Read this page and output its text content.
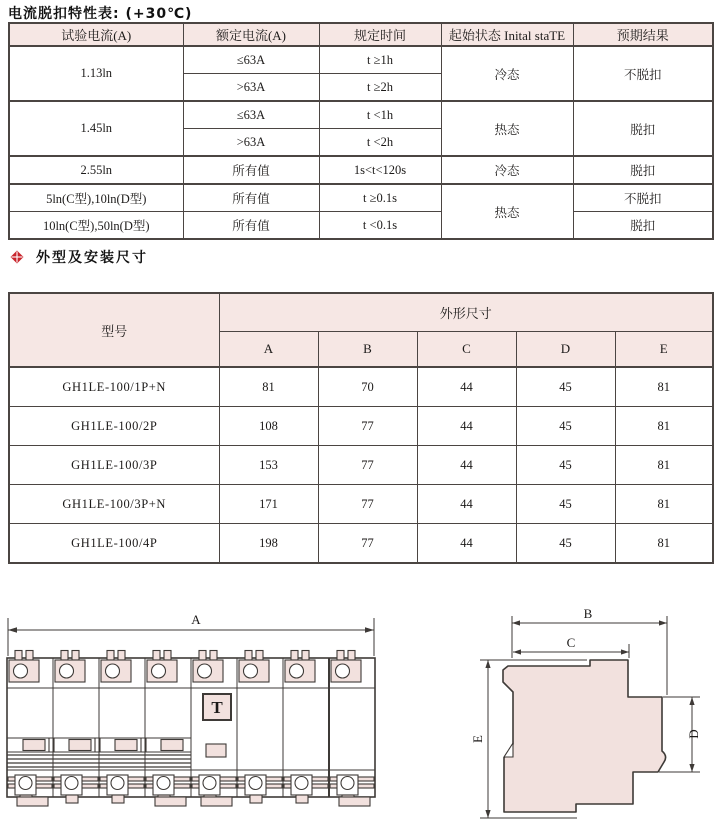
电流脱扣特性表: (+30℃)
试验电流(A)	额定电流(A)	规定时间	起始状态 Inital staTE	预期结果
1.13ln	≤63A	t ≥1h	冷态	不脱扣
	>63A	t ≥2h		
1.45ln	≤63A	t <1h	热态	脱扣
	>63A	t <2h		
2.55ln	所有值	1s<t<120s	冷态	脱扣
5ln(C型),10ln(D型)	所有值	t ≥0.1s	热态	不脱扣
10ln(C型),50ln(D型)	所有值	t <0.1s		脱扣
外型及安装尺寸
型号	外形尺寸				
	A	B	C	D	E
GH1LE-100/1P+N	81	70	44	45	81
GH1LE-100/2P	108	77	44	45	81
GH1LE-100/3P	153	77	44	45	81
GH1LE-100/3P+N	171	77	44	45	81
GH1LE-100/4P	198	77	44	45	81
A
T
B
C
E
D
